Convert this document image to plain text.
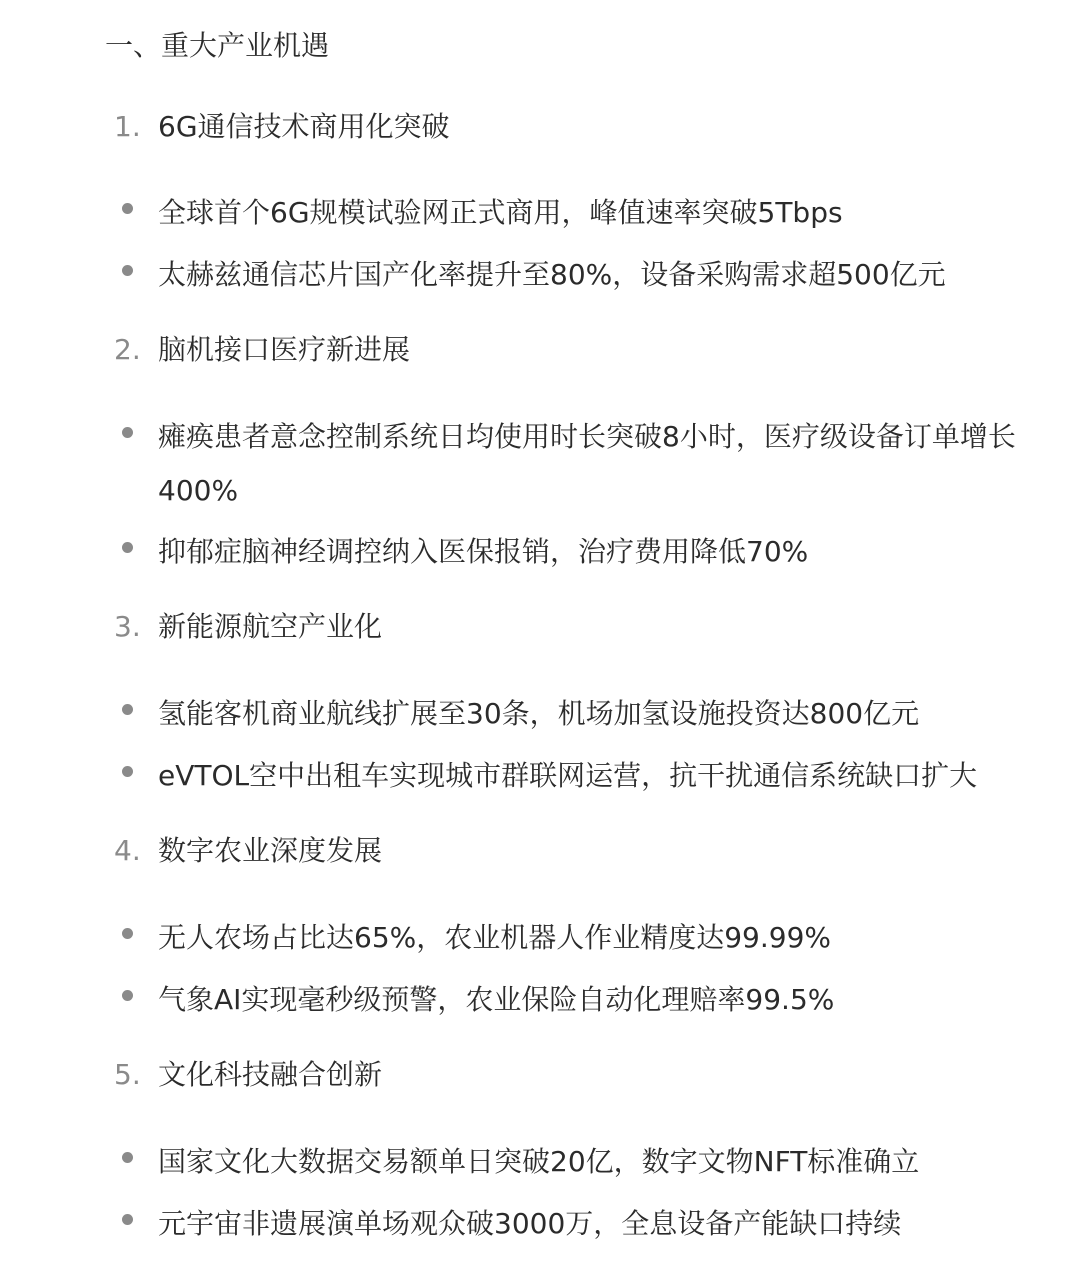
一、重大产业机遇
1. 6G通信技术商用化突破
全球首个6G规模试验网正式商用，峰值速率突破5Tbps
太赫兹通信芯片国产化率提升至80%，设备采购需求超500亿元
2. 脑机接口医疗新进展
瘫痪患者意念控制系统日均使用时长突破8小时，医疗级设备订单增长400%
抑郁症脑神经调控纳入医保报销，治疗费用降低70%
3. 新能源航空产业化
氢能客机商业航线扩展至30条，机场加氢设施投资达800亿元
eVTOL空中出租车实现城市群联网运营，抗干扰通信系统缺口扩大
4. 数字农业深度发展
无人农场占比达65%，农业机器人作业精度达99.99%
气象AI实现毫秒级预警，农业保险自动化理赔率99.5%
5. 文化科技融合创新
国家文化大数据交易额单日突破20亿，数字文物NFT标准确立
元宇宙非遗展演单场观众破3000万，全息设备产能缺口持续
